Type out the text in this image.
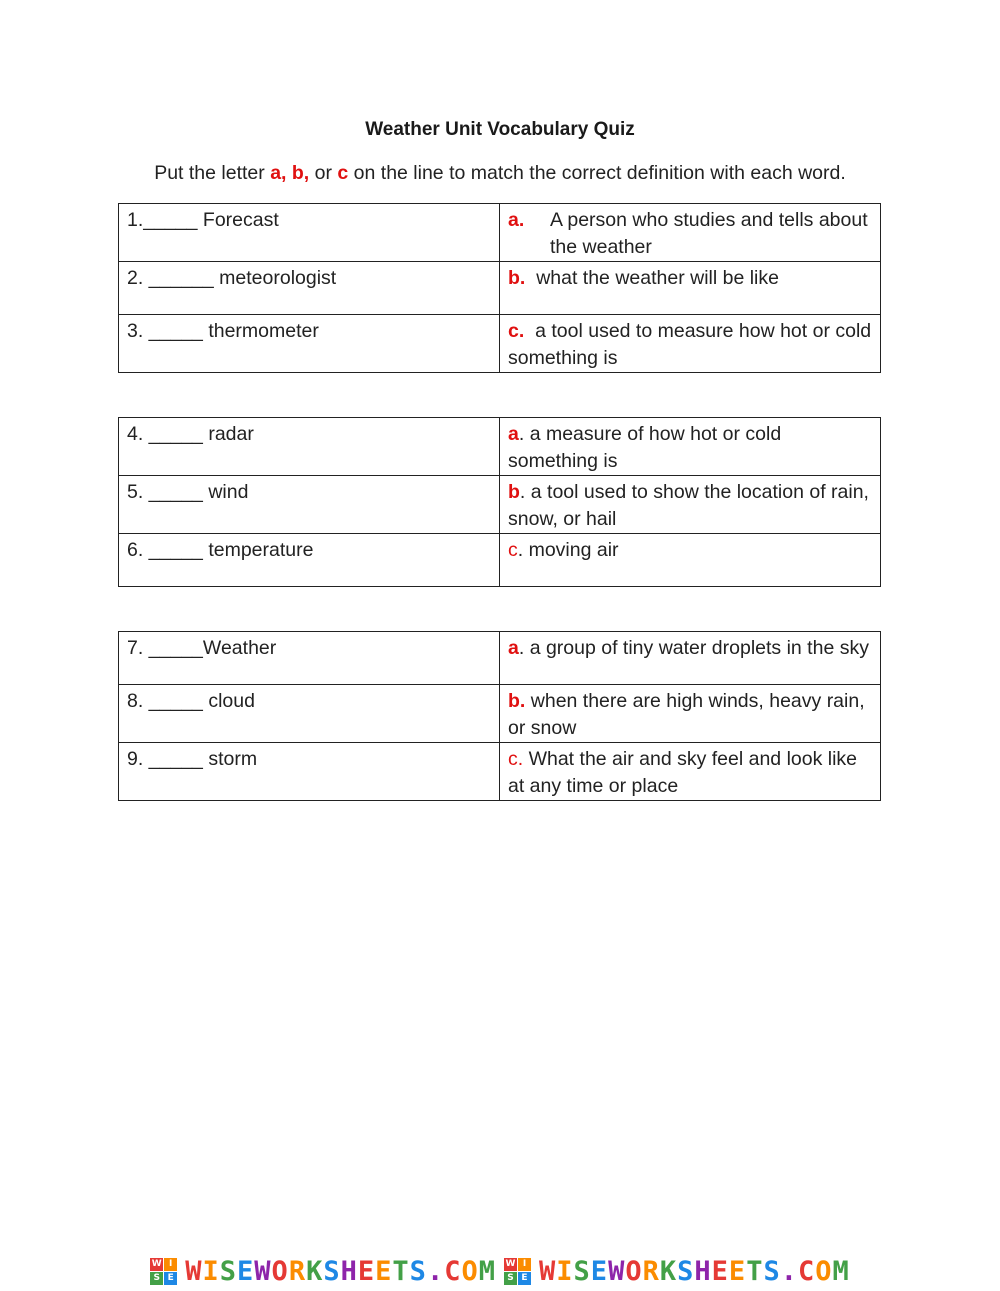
Weather Unit Vocabulary Quiz
Put the letter a, b, or c on the line to match the correct definition with each word.
1._____ Forecast	a. A person who studies and tells about the weather

2. ______ meteorologist	b. what the weather will be like
3. _____ thermometer	c. a tool used to measure how hot or cold something is
4. _____ radar	a. a measure of how hot or cold something is
5. _____ wind	b. a tool used to show the location of rain, snow, or hail
6. _____ temperature	c. moving air
7. _____Weather	a. a group of tiny water droplets in the sky
8. _____ cloud	b. when there are high winds, heavy rain, or snow
9. _____ storm	c. What the air and sky feel and look like at any time or place
W I
S E WISEWORKSHEETS.COM W I
S E WISEWORKSHEETS.COM
